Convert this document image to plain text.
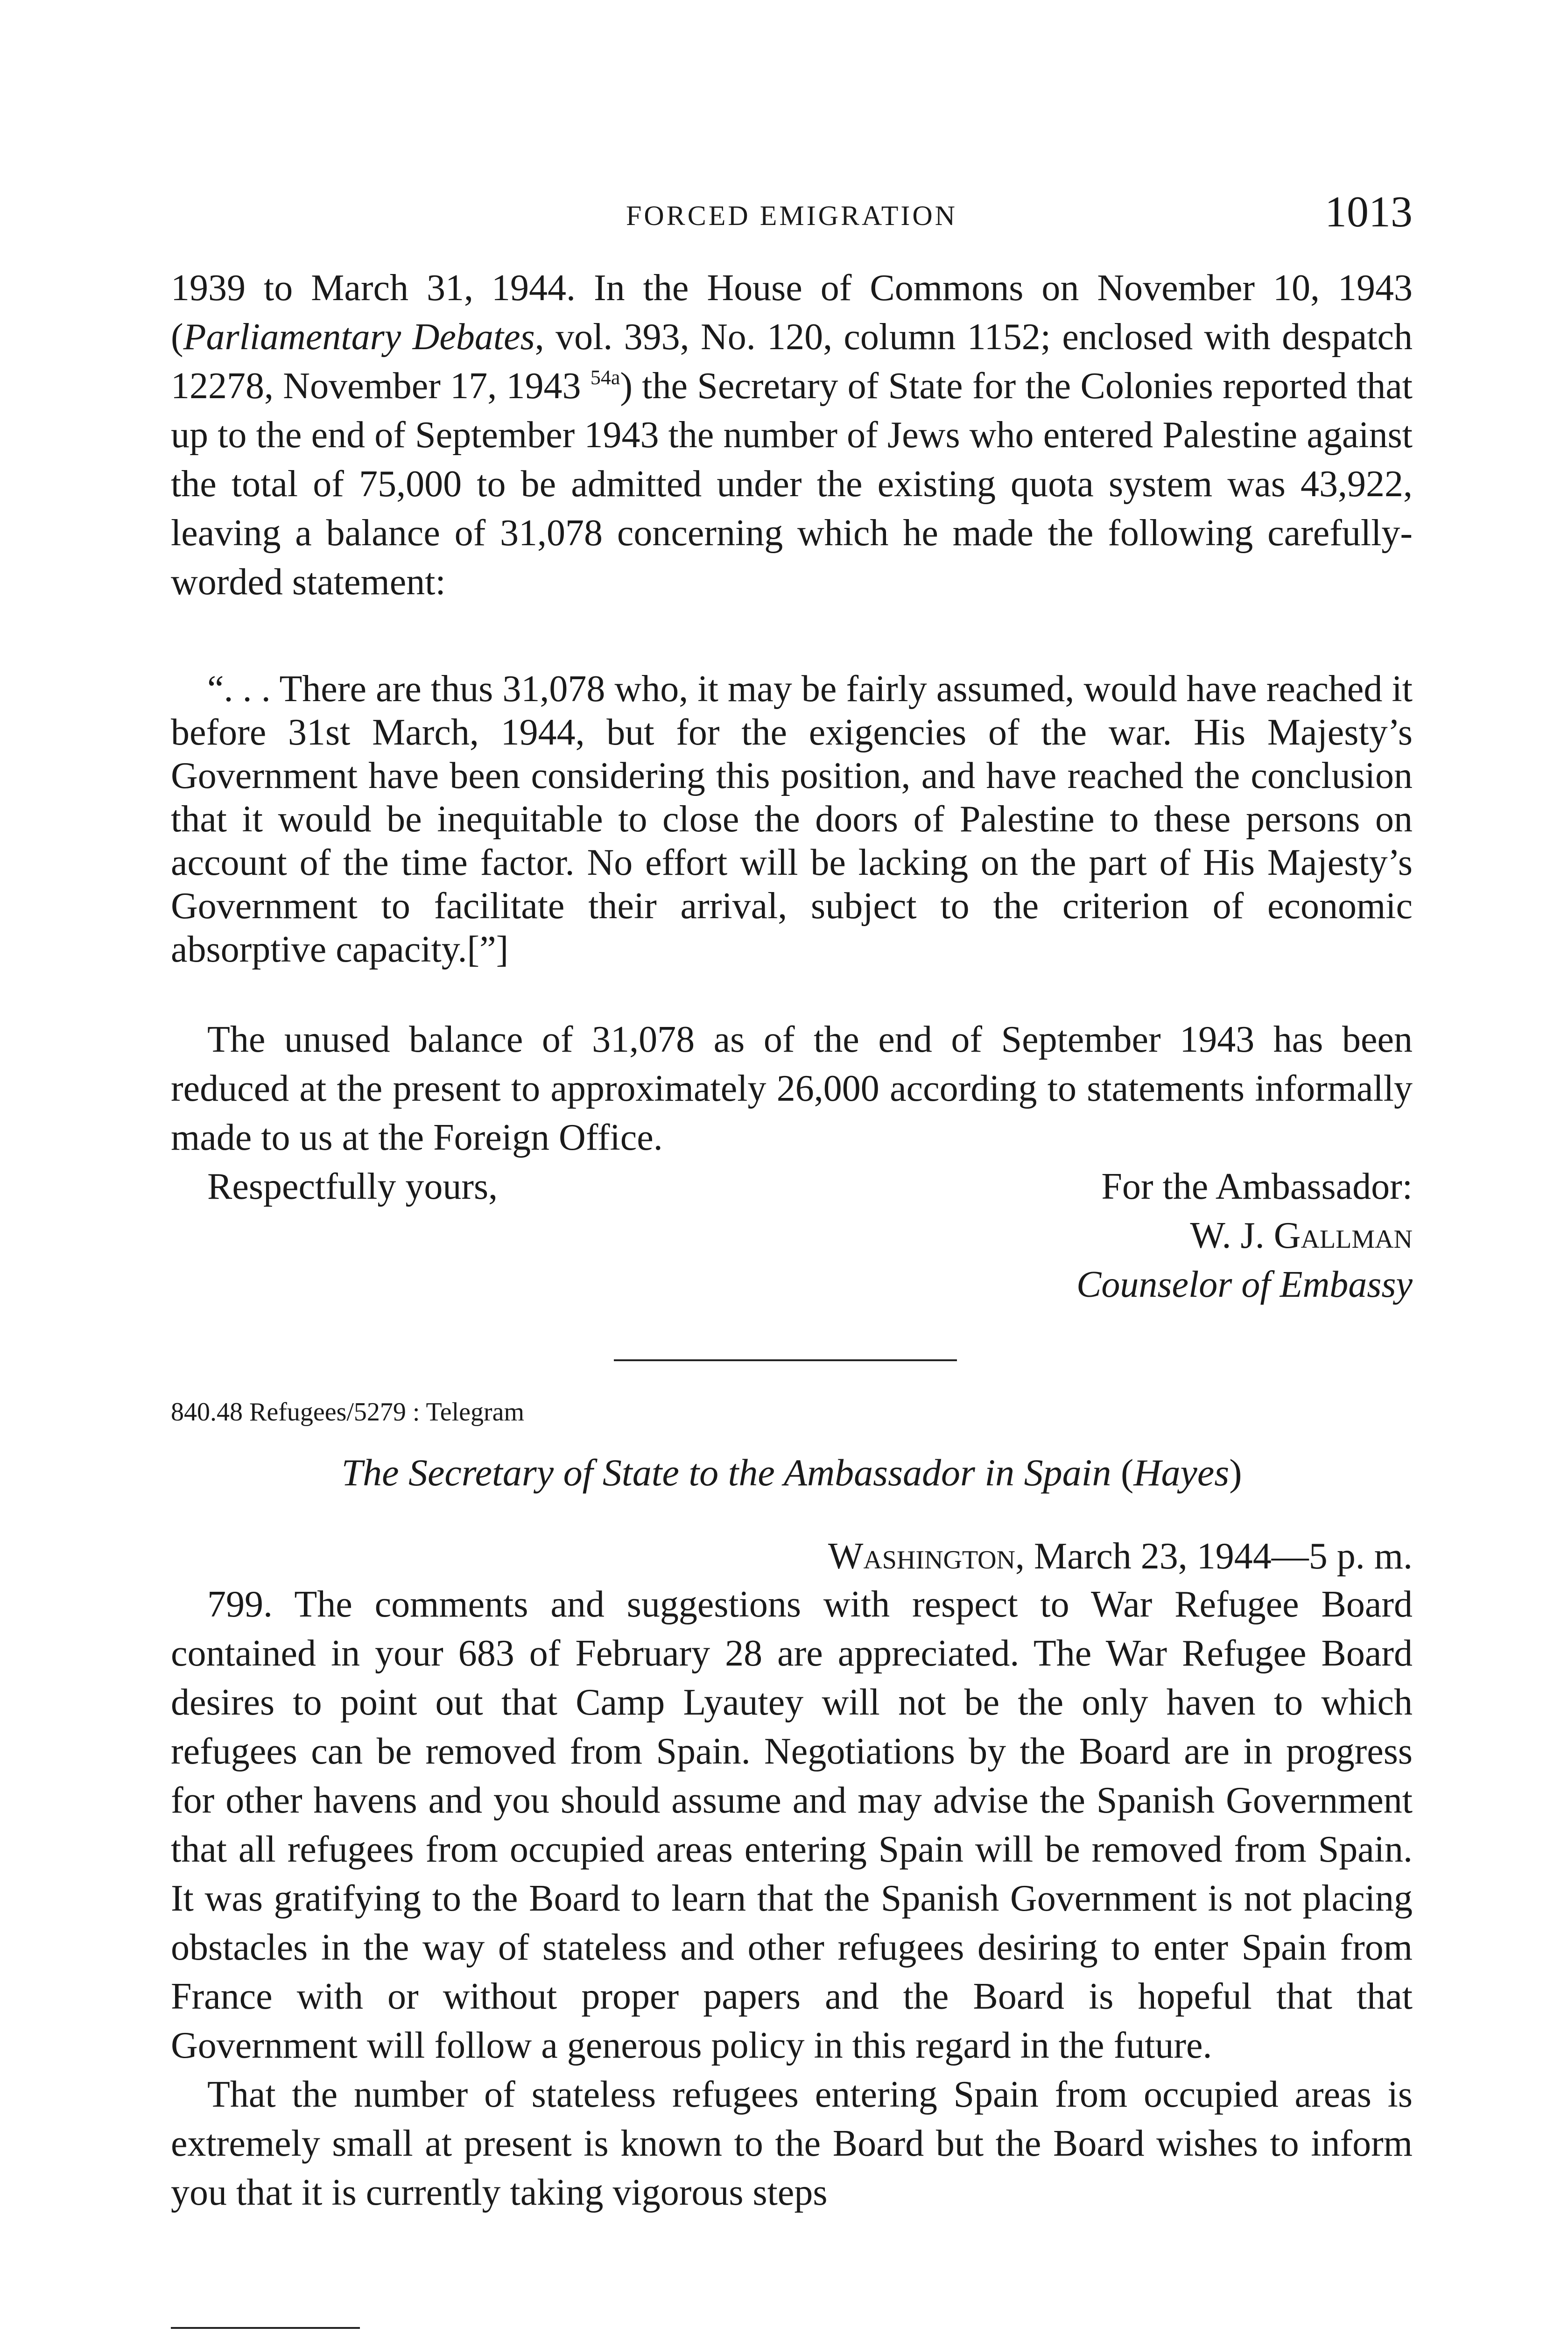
FORCED EMIGRATION	1013

1939 to March 31, 1944. In the House of Commons on November 10, 1943 (Parliamentary Debates, vol. 393, No. 120, column 1152; enclosed with despatch 12278, November 17, 1943 $^{54a}$) the Secretary of State for the Colonies reported that up to the end of September 1943 the number of Jews who entered Palestine against the total of 75,000 to be admitted under the existing quota system was 43,922, leaving a balance of 31,078 concerning which he made the following carefully-worded statement:

“. . . There are thus 31,078 who, it may be fairly assumed, would have reached it before 31st March, 1944, but for the exigencies of the war. His Majesty’s Government have been considering this position, and have reached the conclusion that it would be inequitable to close the doors of Palestine to these persons on account of the time factor. No effort will be lacking on the part of His Majesty’s Government to facilitate their arrival, subject to the criterion of economic absorptive capacity.[”]

The unused balance of 31,078 as of the end of September 1943 has been reduced at the present to approximately 26,000 according to statements informally made to us at the Foreign Office.

Respectfully yours,	For the Ambassador:
W. J. Gallman
Counselor of Embassy
840.48 Refugees/5279 : Telegram
The Secretary of State to the Ambassador in Spain (Hayes)
Washington, March 23, 1944—5 p. m.

799. The comments and suggestions with respect to War Refugee Board contained in your 683 of February 28 are appreciated. The War Refugee Board desires to point out that Camp Lyautey will not be the only haven to which refugees can be removed from Spain. Negotiations by the Board are in progress for other havens and you should assume and may advise the Spanish Government that all refugees from occupied areas entering Spain will be removed from Spain. It was gratifying to the Board to learn that the Spanish Government is not placing obstacles in the way of stateless and other refugees desiring to enter Spain from France with or without proper papers and the Board is hopeful that that Government will follow a generous policy in this regard in the future.

That the number of stateless refugees entering Spain from occupied areas is extremely small at present is known to the Board but the Board wishes to inform you that it is currently taking vigorous steps
